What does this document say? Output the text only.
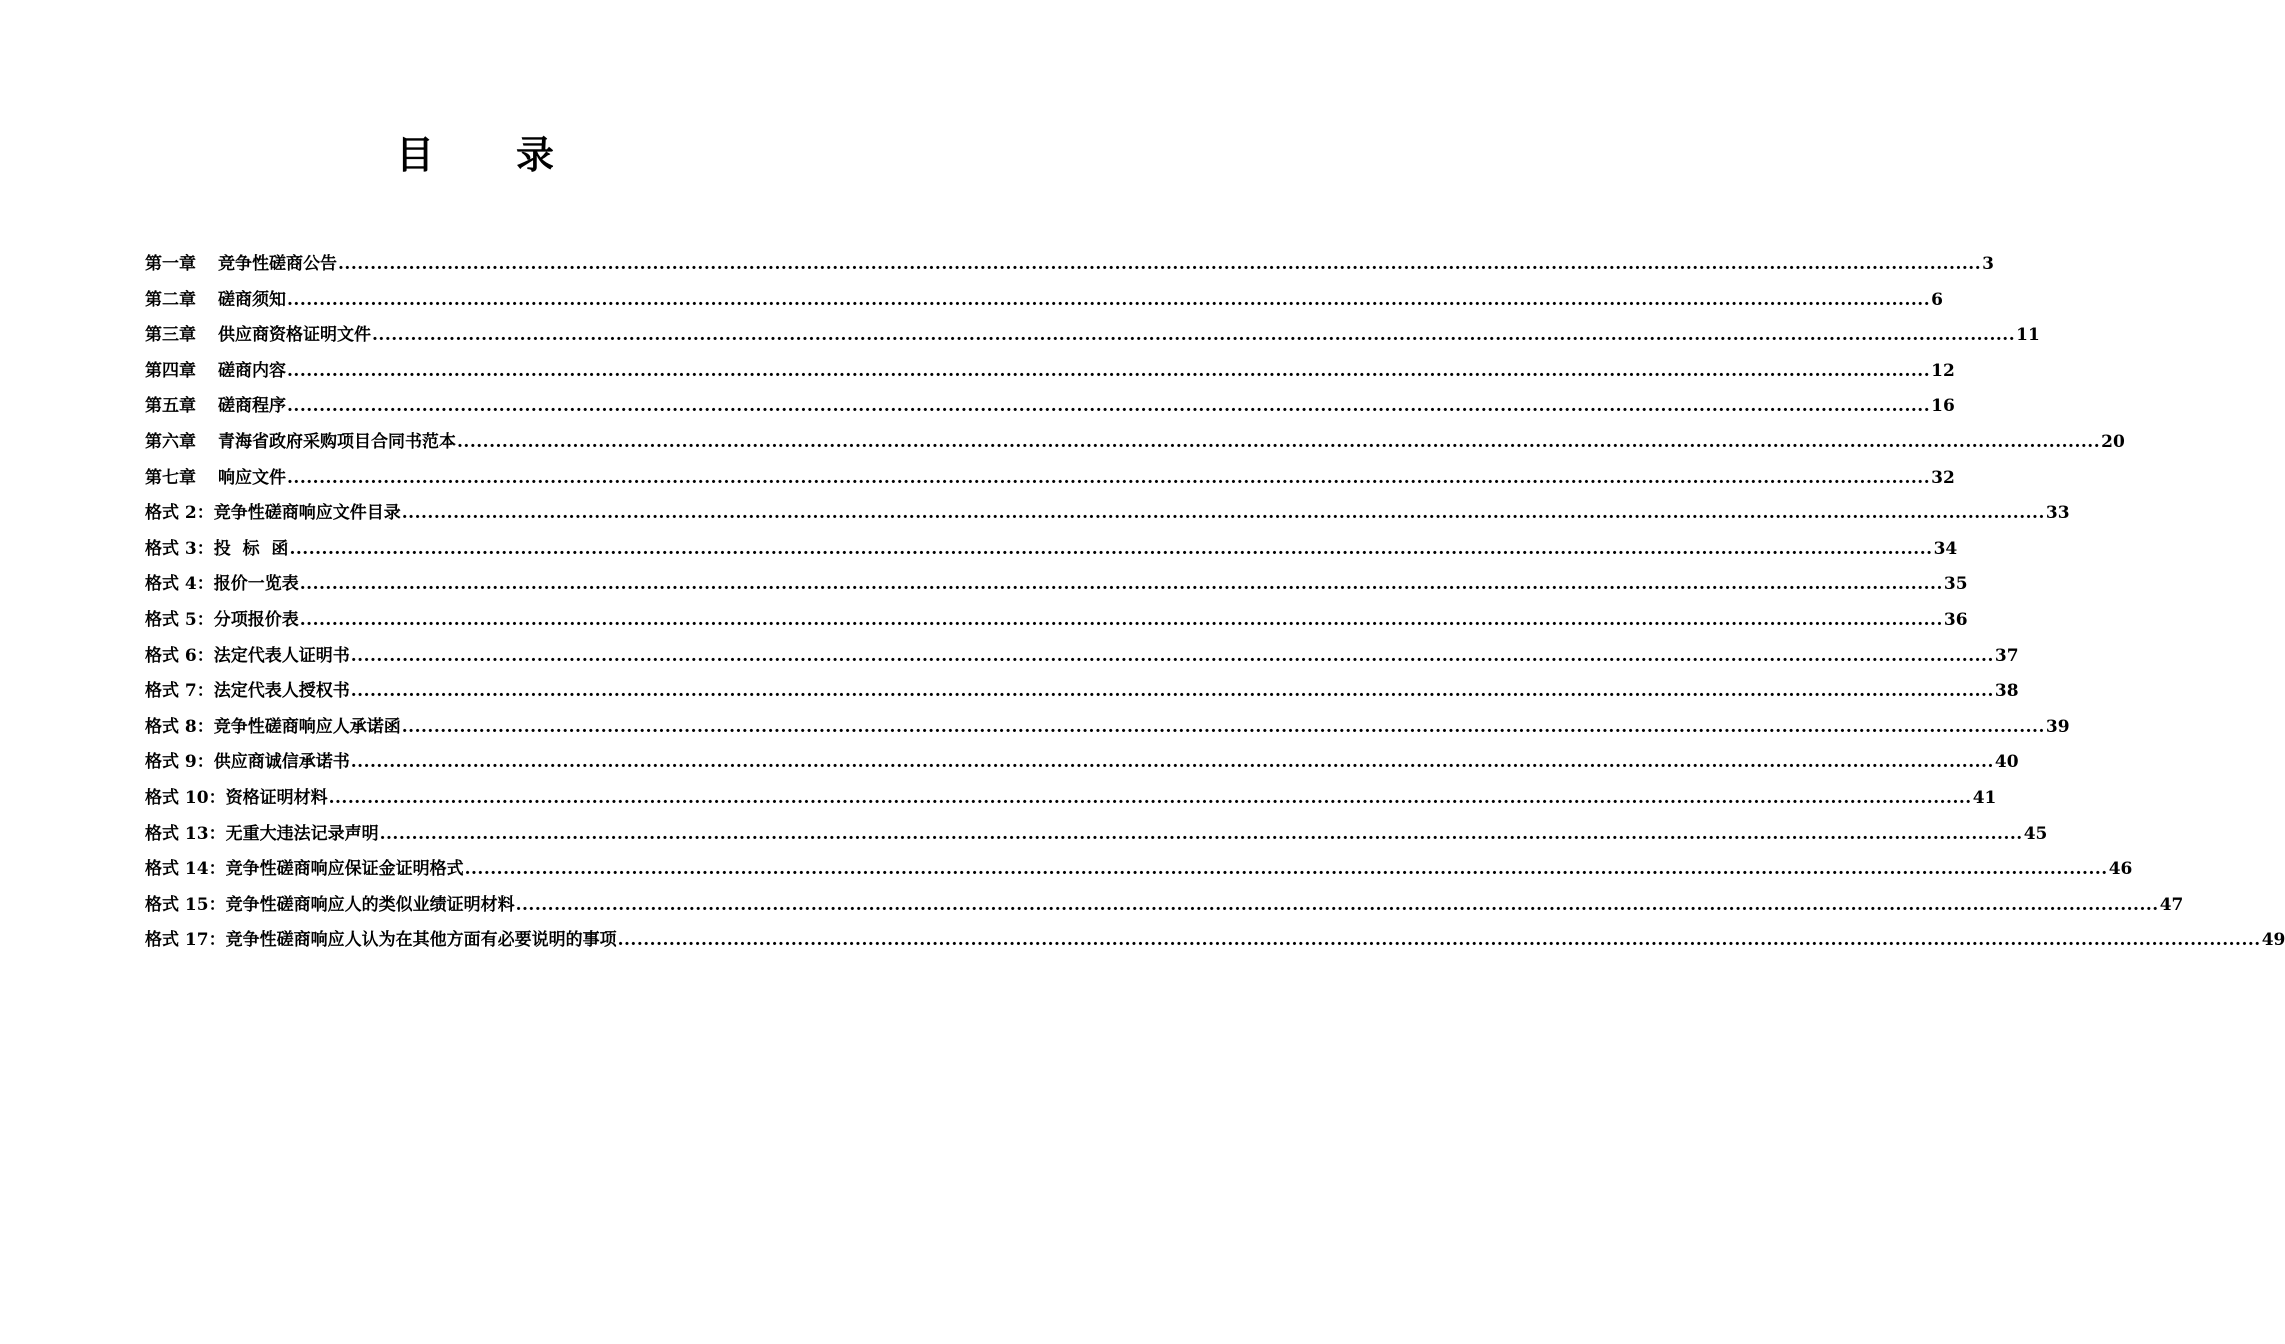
目 录
第一章 竞争性磋商公告 ................................................................................................................................................................................................................................................................ 3
第二章 磋商须知 ................................................................................................................................................................................................................................................................ 6
第三章 供应商资格证明文件 ................................................................................................................................................................................................................................................................ 11
第四章 磋商内容 ................................................................................................................................................................................................................................................................ 12
第五章 磋商程序 ................................................................................................................................................................................................................................................................ 16
第六章 青海省政府采购项目合同书范本 ................................................................................................................................................................................................................................................................ 20
第七章 响应文件 ................................................................................................................................................................................................................................................................ 32
格式 2：竞争性磋商响应文件目录 ................................................................................................................................................................................................................................................................ 33
格式 3：投  标  函 ................................................................................................................................................................................................................................................................ 34
格式 4：报价一览表 ................................................................................................................................................................................................................................................................ 35
格式 5：分项报价表 ................................................................................................................................................................................................................................................................ 36
格式 6：法定代表人证明书 ................................................................................................................................................................................................................................................................ 37
格式 7：法定代表人授权书 ................................................................................................................................................................................................................................................................ 38
格式 8：竞争性磋商响应人承诺函 ................................................................................................................................................................................................................................................................ 39
格式 9：供应商诚信承诺书 ................................................................................................................................................................................................................................................................ 40
格式 10：资格证明材料 ................................................................................................................................................................................................................................................................ 41
格式 13：无重大违法记录声明 ................................................................................................................................................................................................................................................................ 45
格式 14：竞争性磋商响应保证金证明格式 ................................................................................................................................................................................................................................................................ 46
格式 15：竞争性磋商响应人的类似业绩证明材料 ................................................................................................................................................................................................................................................................ 47
格式 17：竞争性磋商响应人认为在其他方面有必要说明的事项 ................................................................................................................................................................................................................................................................ 49
